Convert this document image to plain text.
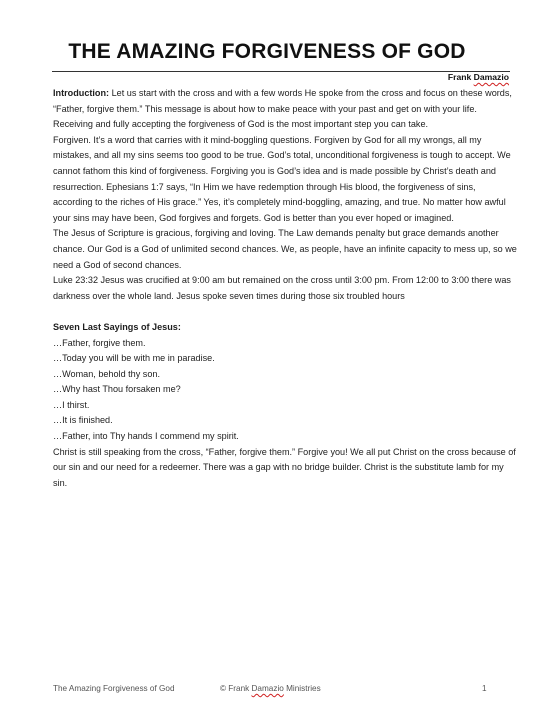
THE AMAZING FORGIVENESS OF GOD
Frank Damazio

Introduction: Let us start with the cross and with a few words He spoke from the cross and focus on these words, “Father, forgive them.” This message is about how to make peace with your past and get on with your life. Receiving and fully accepting the forgiveness of God is the most important step you can take.

Forgiven. It’s a word that carries with it mind-boggling questions. Forgiven by God for all my wrongs, all my mistakes, and all my sins seems too good to be true. God’s total, unconditional forgiveness is tough to accept. We cannot fathom this kind of forgiveness. Forgiving you is God’s idea and is made possible by Christ’s death and resurrection. Ephesians 1:7 says, “In Him we have redemption through His blood, the forgiveness of sins, according to the riches of His grace.” Yes, it’s completely mind-boggling, amazing, and true. No matter how awful your sins may have been, God forgives and forgets. God is better than you ever hoped or imagined.

The Jesus of Scripture is gracious, forgiving and loving. The Law demands penalty but grace demands another chance. Our God is a God of unlimited second chances. We, as people, have an infinite capacity to mess up, so we need a God of second chances.

Luke 23:32 Jesus was crucified at 9:00 am but remained on the cross until 3:00 pm. From 12:00 to 3:00 there was darkness over the whole land. Jesus spoke seven times during those six troubled hours

Seven Last Sayings of Jesus:

…Father, forgive them.

…Today you will be with me in paradise.

…Woman, behold thy son.

…Why hast Thou forsaken me?

…I thirst.

…It is finished.

…Father, into Thy hands I commend my spirit.

Christ is still speaking from the cross, “Father, forgive them.” Forgive you! We all put Christ on the cross because of our sin and our need for a redeemer. There was a gap with no bridge builder. Christ is the substitute lamb for my sin.

The Amazing Forgiveness of God	© Frank Damazio Ministries	1
